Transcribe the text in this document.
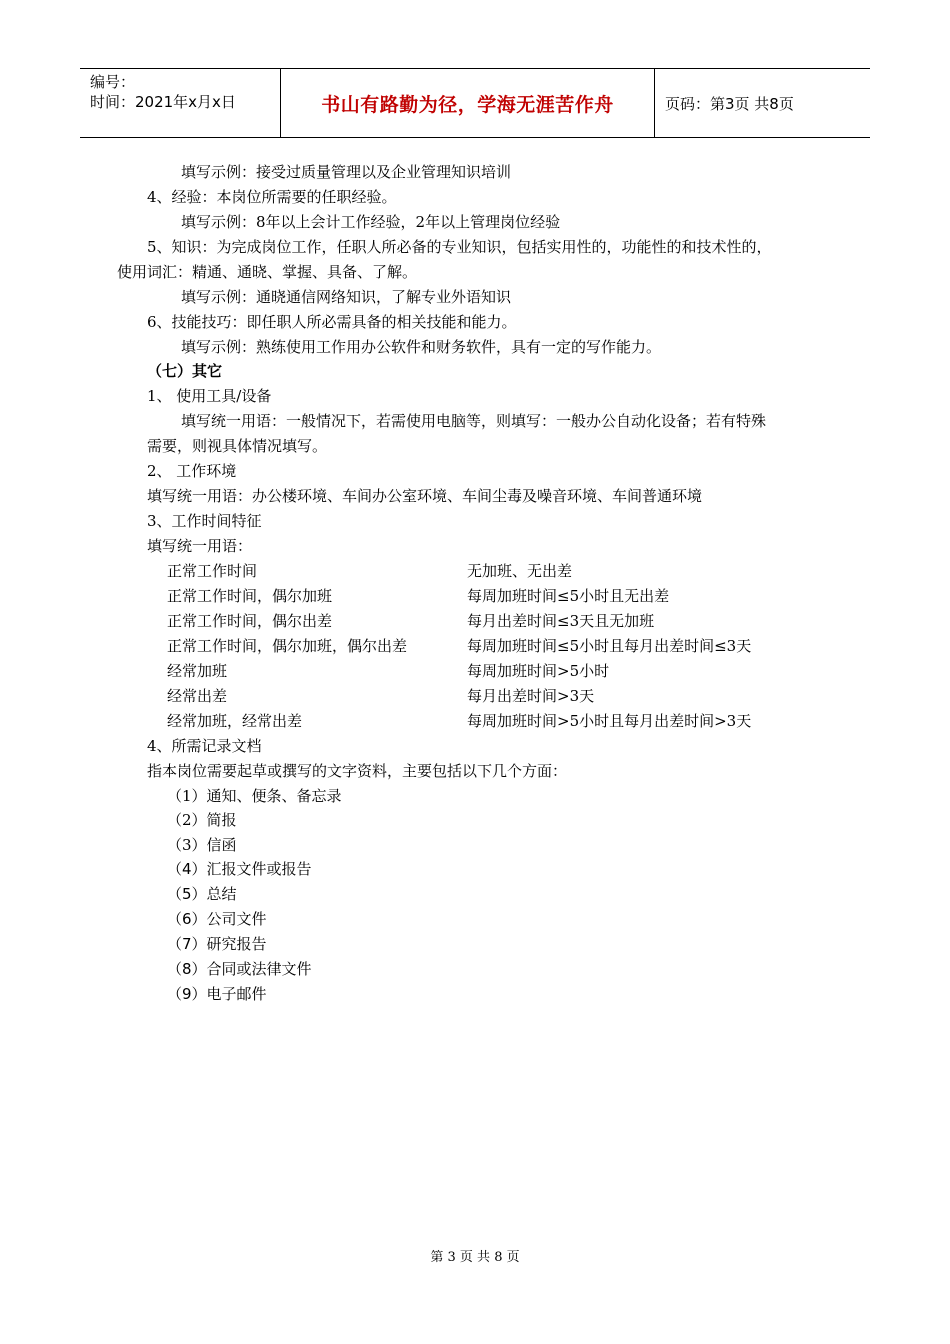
编号：
时间：2021年x月x日	书山有路勤为径，学海无涯苦作舟	页码：第3页 共8页
填写示例：接受过质量管理以及企业管理知识培训
4、经验：本岗位所需要的任职经验。
填写示例：8年以上会计工作经验，2年以上管理岗位经验
5、知识：为完成岗位工作，任职人所必备的专业知识，包括实用性的，功能性的和技术性的，
使用词汇：精通、通晓、掌握、具备、了解。
填写示例：通晓通信网络知识，了解专业外语知识
6、技能技巧：即任职人所必需具备的相关技能和能力。
填写示例：熟练使用工作用办公软件和财务软件，具有一定的写作能力。
（七）其它
1、 使用工具/设备
填写统一用语：一般情况下，若需使用电脑等，则填写：一般办公自动化设备；若有特殊
需要，则视具体情况填写。
2、 工作环境
填写统一用语：办公楼环境、车间办公室环境、车间尘毒及噪音环境、车间普通环境
3、工作时间特征
填写统一用语：
正常工作时间	无加班、无出差
正常工作时间，偶尔加班	每周加班时间≤5小时且无出差
正常工作时间，偶尔出差	每月出差时间≤3天且无加班
正常工作时间，偶尔加班，偶尔出差	每周加班时间≤5小时且每月出差时间≤3天
经常加班	每周加班时间>5小时
经常出差	每月出差时间>3天
经常加班，经常出差	每周加班时间>5小时且每月出差时间>3天
4、所需记录文档
指本岗位需要起草或撰写的文字资料，主要包括以下几个方面：
（1）通知、便条、备忘录
（2）简报
（3）信函
（4）汇报文件或报告
（5）总结
（6）公司文件
（7）研究报告
（8）合同或法律文件
（9）电子邮件
第 3 页 共 8 页
